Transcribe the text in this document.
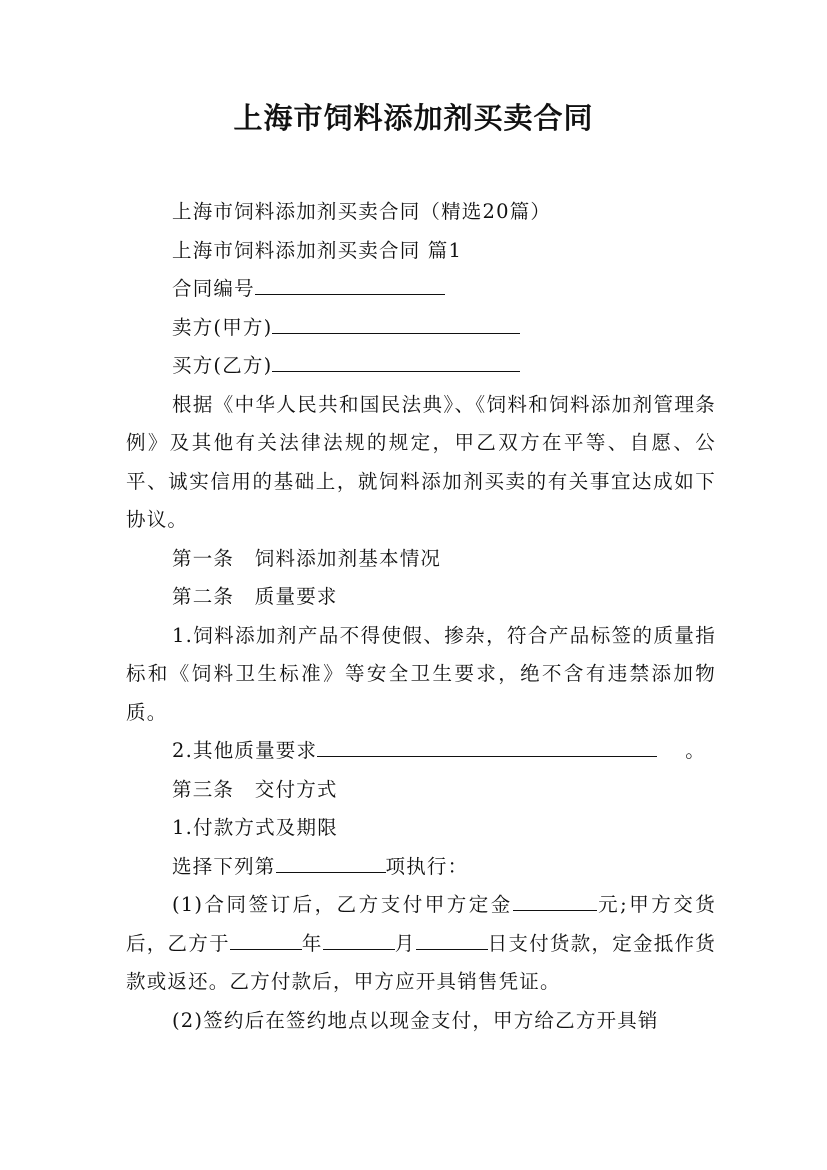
上海市饲料添加剂买卖合同

上海市饲料添加剂买卖合同（精选20篇）

上海市饲料添加剂买卖合同 篇1

合同编号

卖方(甲方)

买方(乙方)

根据《中华人民共和国民法典》、《饲料和饲料添加剂管理条例》及其他有关法律法规的规定，甲乙双方在平等、自愿、公平、诚实信用的基础上，就饲料添加剂买卖的有关事宜达成如下协议。

第一条　饲料添加剂基本情况

第二条　质量要求

1.饲料添加剂产品不得使假、掺杂，符合产品标签的质量指标和《饲料卫生标准》等安全卫生要求，绝不含有违禁添加物质。

2.其他质量要求	。

第三条　交付方式

1.付款方式及期限

选择下列第	项执行：

(1)合同签订后，乙方支付甲方定金	元;甲方交货后，乙方于	年	月	日支付货款，定金抵作货款或返还。乙方付款后，甲方应开具销售凭证。

(2)签约后在签约地点以现金支付，甲方给乙方开具销
